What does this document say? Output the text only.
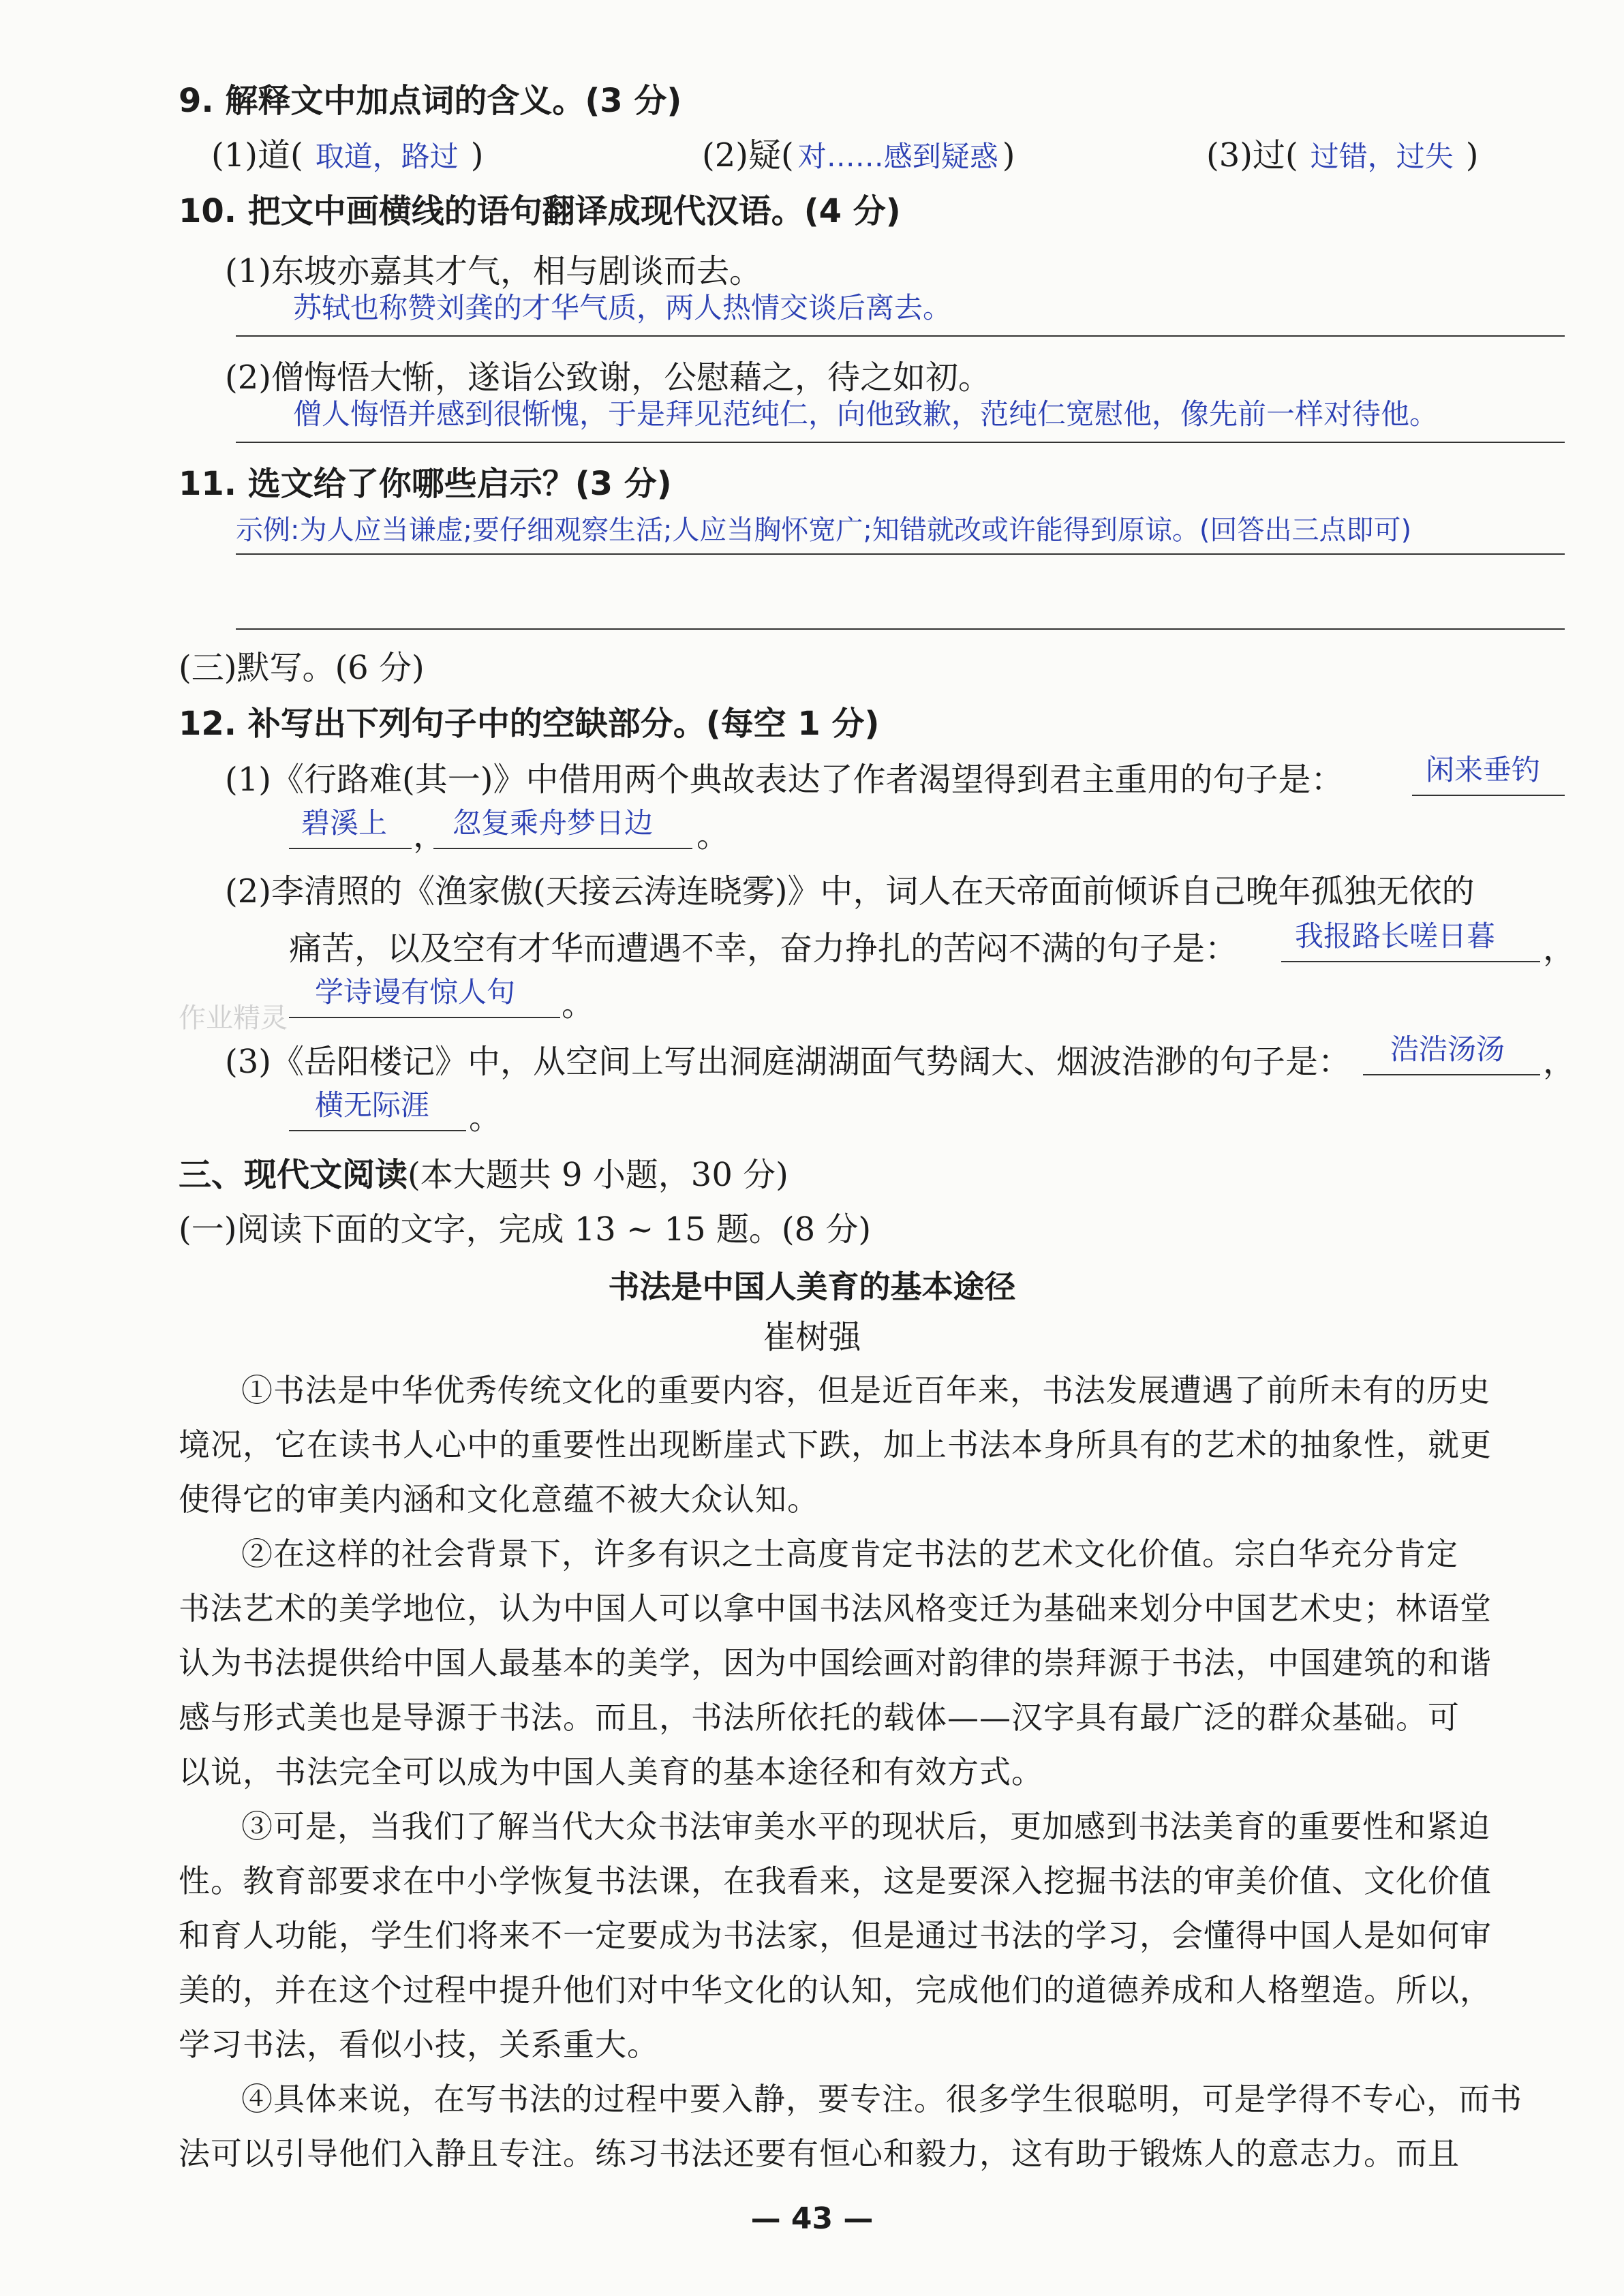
9. 解释文中加点词的含义。(3 分)
(1)道( 取道，路过 )	(2)疑( 对……感到疑惑 )	(3)过( 过错，过失 )
10. 把文中画横线的语句翻译成现代汉语。(4 分)
(1)东坡亦嘉其才气，相与剧谈而去。
苏轼也称赞刘龚的才华气质，两人热情交谈后离去。
(2)僧悔悟大惭，遂诣公致谢，公慰藉之，待之如初。
僧人悔悟并感到很惭愧，于是拜见范纯仁，向他致歉，范纯仁宽慰他，像先前一样对待他。
11. 选文给了你哪些启示？(3 分)
示例:为人应当谦虚;要仔细观察生活;人应当胸怀宽广;知错就改或许能得到原谅。(回答出三点即可)
(三)默写。(6 分)
12. 补写出下列句子中的空缺部分。(每空 1 分)
(1)《行路难(其一)》中借用两个典故表达了作者渴望得到君主重用的句子是：	闲来垂钓
碧溪上 ， 忽复乘舟梦日边 。
(2)李清照的《渔家傲(天接云涛连晓雾)》中，词人在天帝面前倾诉自己晚年孤独无依的
痛苦，以及空有才华而遭遇不幸，奋力挣扎的苦闷不满的句子是： 我报路长嗟日暮 ，
学诗谩有惊人句 。
作业精灵
(3)《岳阳楼记》中，从空间上写出洞庭湖湖面气势阔大、烟波浩渺的句子是： 浩浩汤汤 ，
横无际涯 。
三、现代文阅读(本大题共 9 小题，30 分)
(一)阅读下面的文字，完成 13 ~ 15 题。(8 分)
书法是中国人美育的基本途径
崔树强
①书法是中华优秀传统文化的重要内容，但是近百年来，书法发展遭遇了前所未有的历史
境况，它在读书人心中的重要性出现断崖式下跌，加上书法本身所具有的艺术的抽象性，就更
使得它的审美内涵和文化意蕴不被大众认知。
②在这样的社会背景下，许多有识之士高度肯定书法的艺术文化价值。宗白华充分肯定
书法艺术的美学地位，认为中国人可以拿中国书法风格变迁为基础来划分中国艺术史；林语堂
认为书法提供给中国人最基本的美学，因为中国绘画对韵律的崇拜源于书法，中国建筑的和谐
感与形式美也是导源于书法。而且，书法所依托的载体——汉字具有最广泛的群众基础。可
以说，书法完全可以成为中国人美育的基本途径和有效方式。
③可是，当我们了解当代大众书法审美水平的现状后，更加感到书法美育的重要性和紧迫
性。教育部要求在中小学恢复书法课，在我看来，这是要深入挖掘书法的审美价值、文化价值
和育人功能，学生们将来不一定要成为书法家，但是通过书法的学习，会懂得中国人是如何审
美的，并在这个过程中提升他们对中华文化的认知，完成他们的道德养成和人格塑造。所以，
学习书法，看似小技，关系重大。
④具体来说，在写书法的过程中要入静，要专注。很多学生很聪明，可是学得不专心，而书
法可以引导他们入静且专注。练习书法还要有恒心和毅力，这有助于锻炼人的意志力。而且
— 43 —
